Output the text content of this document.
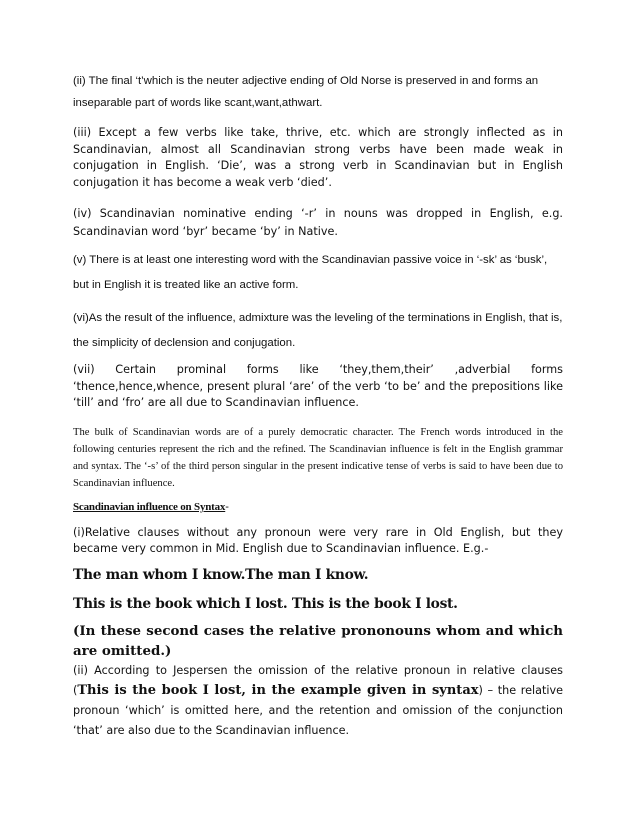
(ii) The final ‘t’which is the neuter adjective ending of Old Norse is preserved in and forms an inseparable part of words like scant,want,athwart.

(iii) Except a few verbs like take, thrive, etc. which are strongly inflected as in Scandinavian, almost all Scandinavian strong verbs have been made weak in conjugation in English. ‘Die’, was a strong verb in Scandinavian but in English conjugation it has become a weak verb ‘died’.

(iv) Scandinavian nominative ending ‘-r’ in nouns was dropped in English, e.g. Scandinavian word ‘byr’ became ‘by’ in Native.

(v) There is at least one interesting word with the Scandinavian passive voice in ‘-sk’ as ‘busk’, but in English it is treated like an active form.

(vi)As the result of the influence, admixture was the leveling of the terminations in English, that is, the simplicity of declension and conjugation.

(vii) Certain prominal forms like ‘they,them,their’ ,adverbial forms
‘thence,hence,whence, present plural ‘are’ of the verb ‘to be’ and the prepositions like ‘till’ and ‘fro’ are all due to Scandinavian influence.

The bulk of Scandinavian words are of a purely democratic character. The French words introduced in the following centuries represent the rich and the refined. The Scandinavian influence is felt in the English grammar and syntax. The ‘-s’ of the third person singular in the present indicative tense of verbs is said to have been due to Scandinavian influence.

Scandinavian influence on Syntax-

(i)Relative clauses without any pronoun were very rare in Old English, but they became very common in Mid. English due to Scandinavian influence. E.g.-

The man whom I know.The man I know.

This is the book which I lost. This is the book I lost.

(In these second cases the relative prononouns whom and which are omitted.)

(ii) According to Jespersen the omission of the relative pronoun in relative clauses (This is the book I lost, in the example given in syntax) – the relative pronoun ‘which’ is omitted here, and the retention and omission of the conjunction ‘that’ are also due to the Scandinavian influence.
